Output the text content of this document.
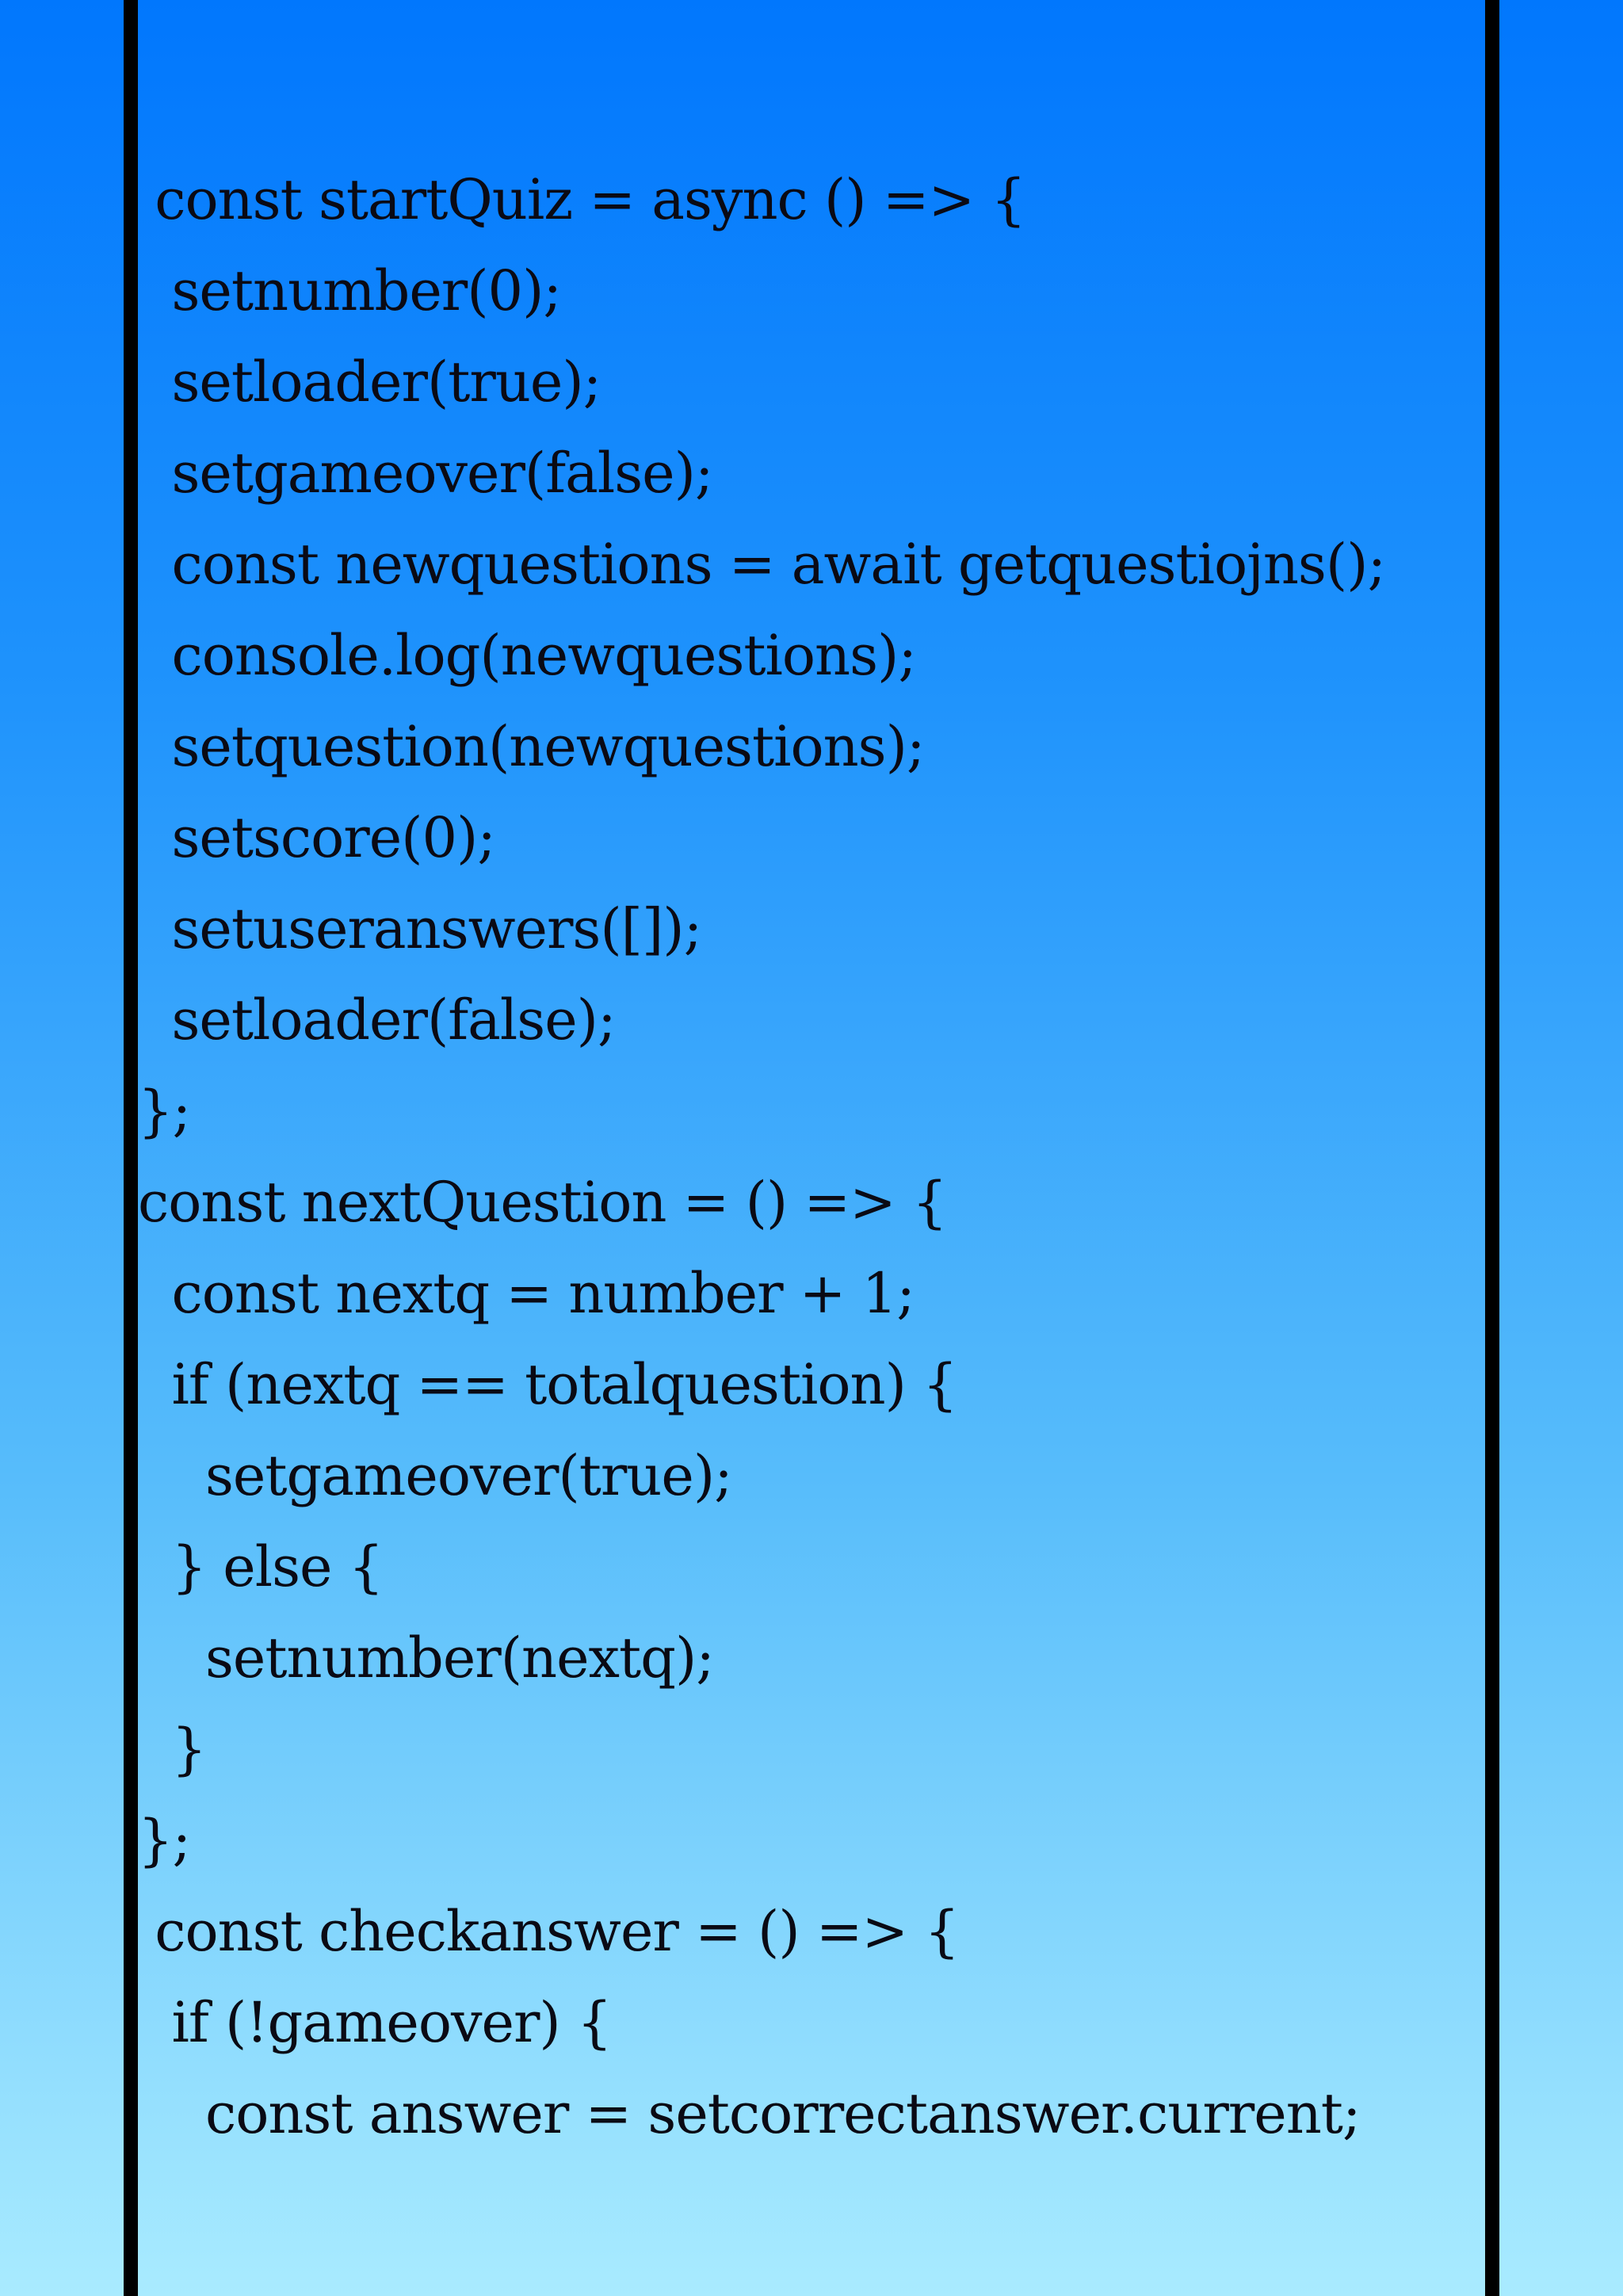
const startQuiz = async () => {
setnumber(0);
setloader(true);
setgameover(false);
const newquestions = await getquestiojns();
console.log(newquestions);
setquestion(newquestions);
setscore(0);
setuseranswers([]);
setloader(false);
};
const nextQuestion = () => {
const nextq = number + 1;
if (nextq == totalquestion) {
setgameover(true);
} else {
setnumber(nextq);
}
};
const checkanswer = () => {
if (!gameover) {
const answer = setcorrectanswer.current;
